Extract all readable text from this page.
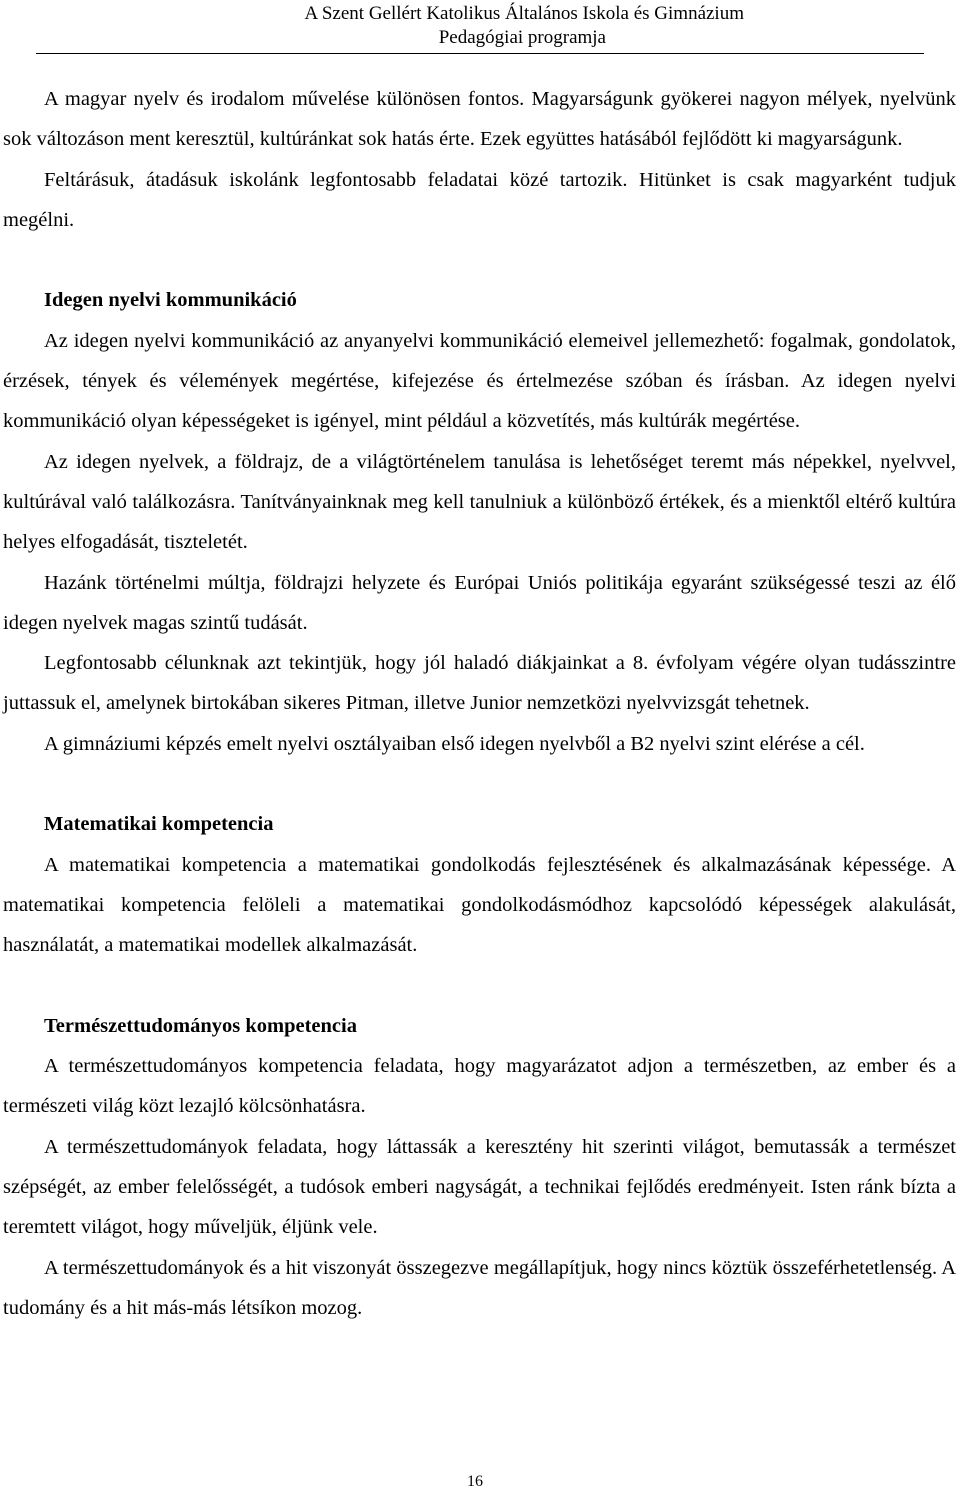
A Szent Gellért Katolikus Általános Iskola és Gimnázium
Pedagógiai programja

A magyar nyelv és irodalom művelése különösen fontos. Magyarságunk gyökerei nagyon mélyek, nyelvünk sok változáson ment keresztül, kultúránkat sok hatás érte. Ezek együttes hatásából fejlődött ki magyarságunk.

Feltárásuk, átadásuk iskolánk legfontosabb feladatai közé tartozik. Hitünket is csak magyarként tudjuk megélni.

Idegen nyelvi kommunikáció

Az idegen nyelvi kommunikáció az anyanyelvi kommunikáció elemeivel jellemezhető: fogalmak, gondolatok, érzések, tények és vélemények megértése, kifejezése és értelmezése szóban és írásban. Az idegen nyelvi kommunikáció olyan képességeket is igényel, mint például a közvetítés, más kultúrák megértése.

Az idegen nyelvek, a földrajz, de a világtörténelem tanulása is lehetőséget teremt más népekkel, nyelvvel, kultúrával való találkozásra. Tanítványainknak meg kell tanulniuk a különböző értékek, és a mienktől eltérő kultúra helyes elfogadását, tiszteletét.

Hazánk történelmi múltja, földrajzi helyzete és Európai Uniós politikája egyaránt szükségessé teszi az élő idegen nyelvek magas szintű tudását.

Legfontosabb célunknak azt tekintjük, hogy jól haladó diákjainkat a 8. évfolyam végére olyan tudásszintre juttassuk el, amelynek birtokában sikeres Pitman, illetve Junior nemzetközi nyelvvizsgát tehetnek.

A gimnáziumi képzés emelt nyelvi osztályaiban első idegen nyelvből a B2 nyelvi szint elérése a cél.

Matematikai kompetencia

A matematikai kompetencia a matematikai gondolkodás fejlesztésének és alkalmazásának képessége. A matematikai kompetencia felöleli a matematikai gondolkodásmódhoz kapcsolódó képességek alakulását, használatát, a matematikai modellek alkalmazását.

Természettudományos kompetencia

A természettudományos kompetencia feladata, hogy magyarázatot adjon a természetben, az ember és a természeti világ közt lezajló kölcsönhatásra.

A természettudományok feladata, hogy láttassák a keresztény hit szerinti világot, bemutassák a természet szépségét, az ember felelősségét, a tudósok emberi nagyságát, a technikai fejlődés eredményeit. Isten ránk bízta a teremtett világot, hogy műveljük, éljünk vele.

A természettudományok és a hit viszonyát összegezve megállapítjuk, hogy nincs köztük összeférhetetlenség. A tudomány és a hit más-más létsíkon mozog.

16
